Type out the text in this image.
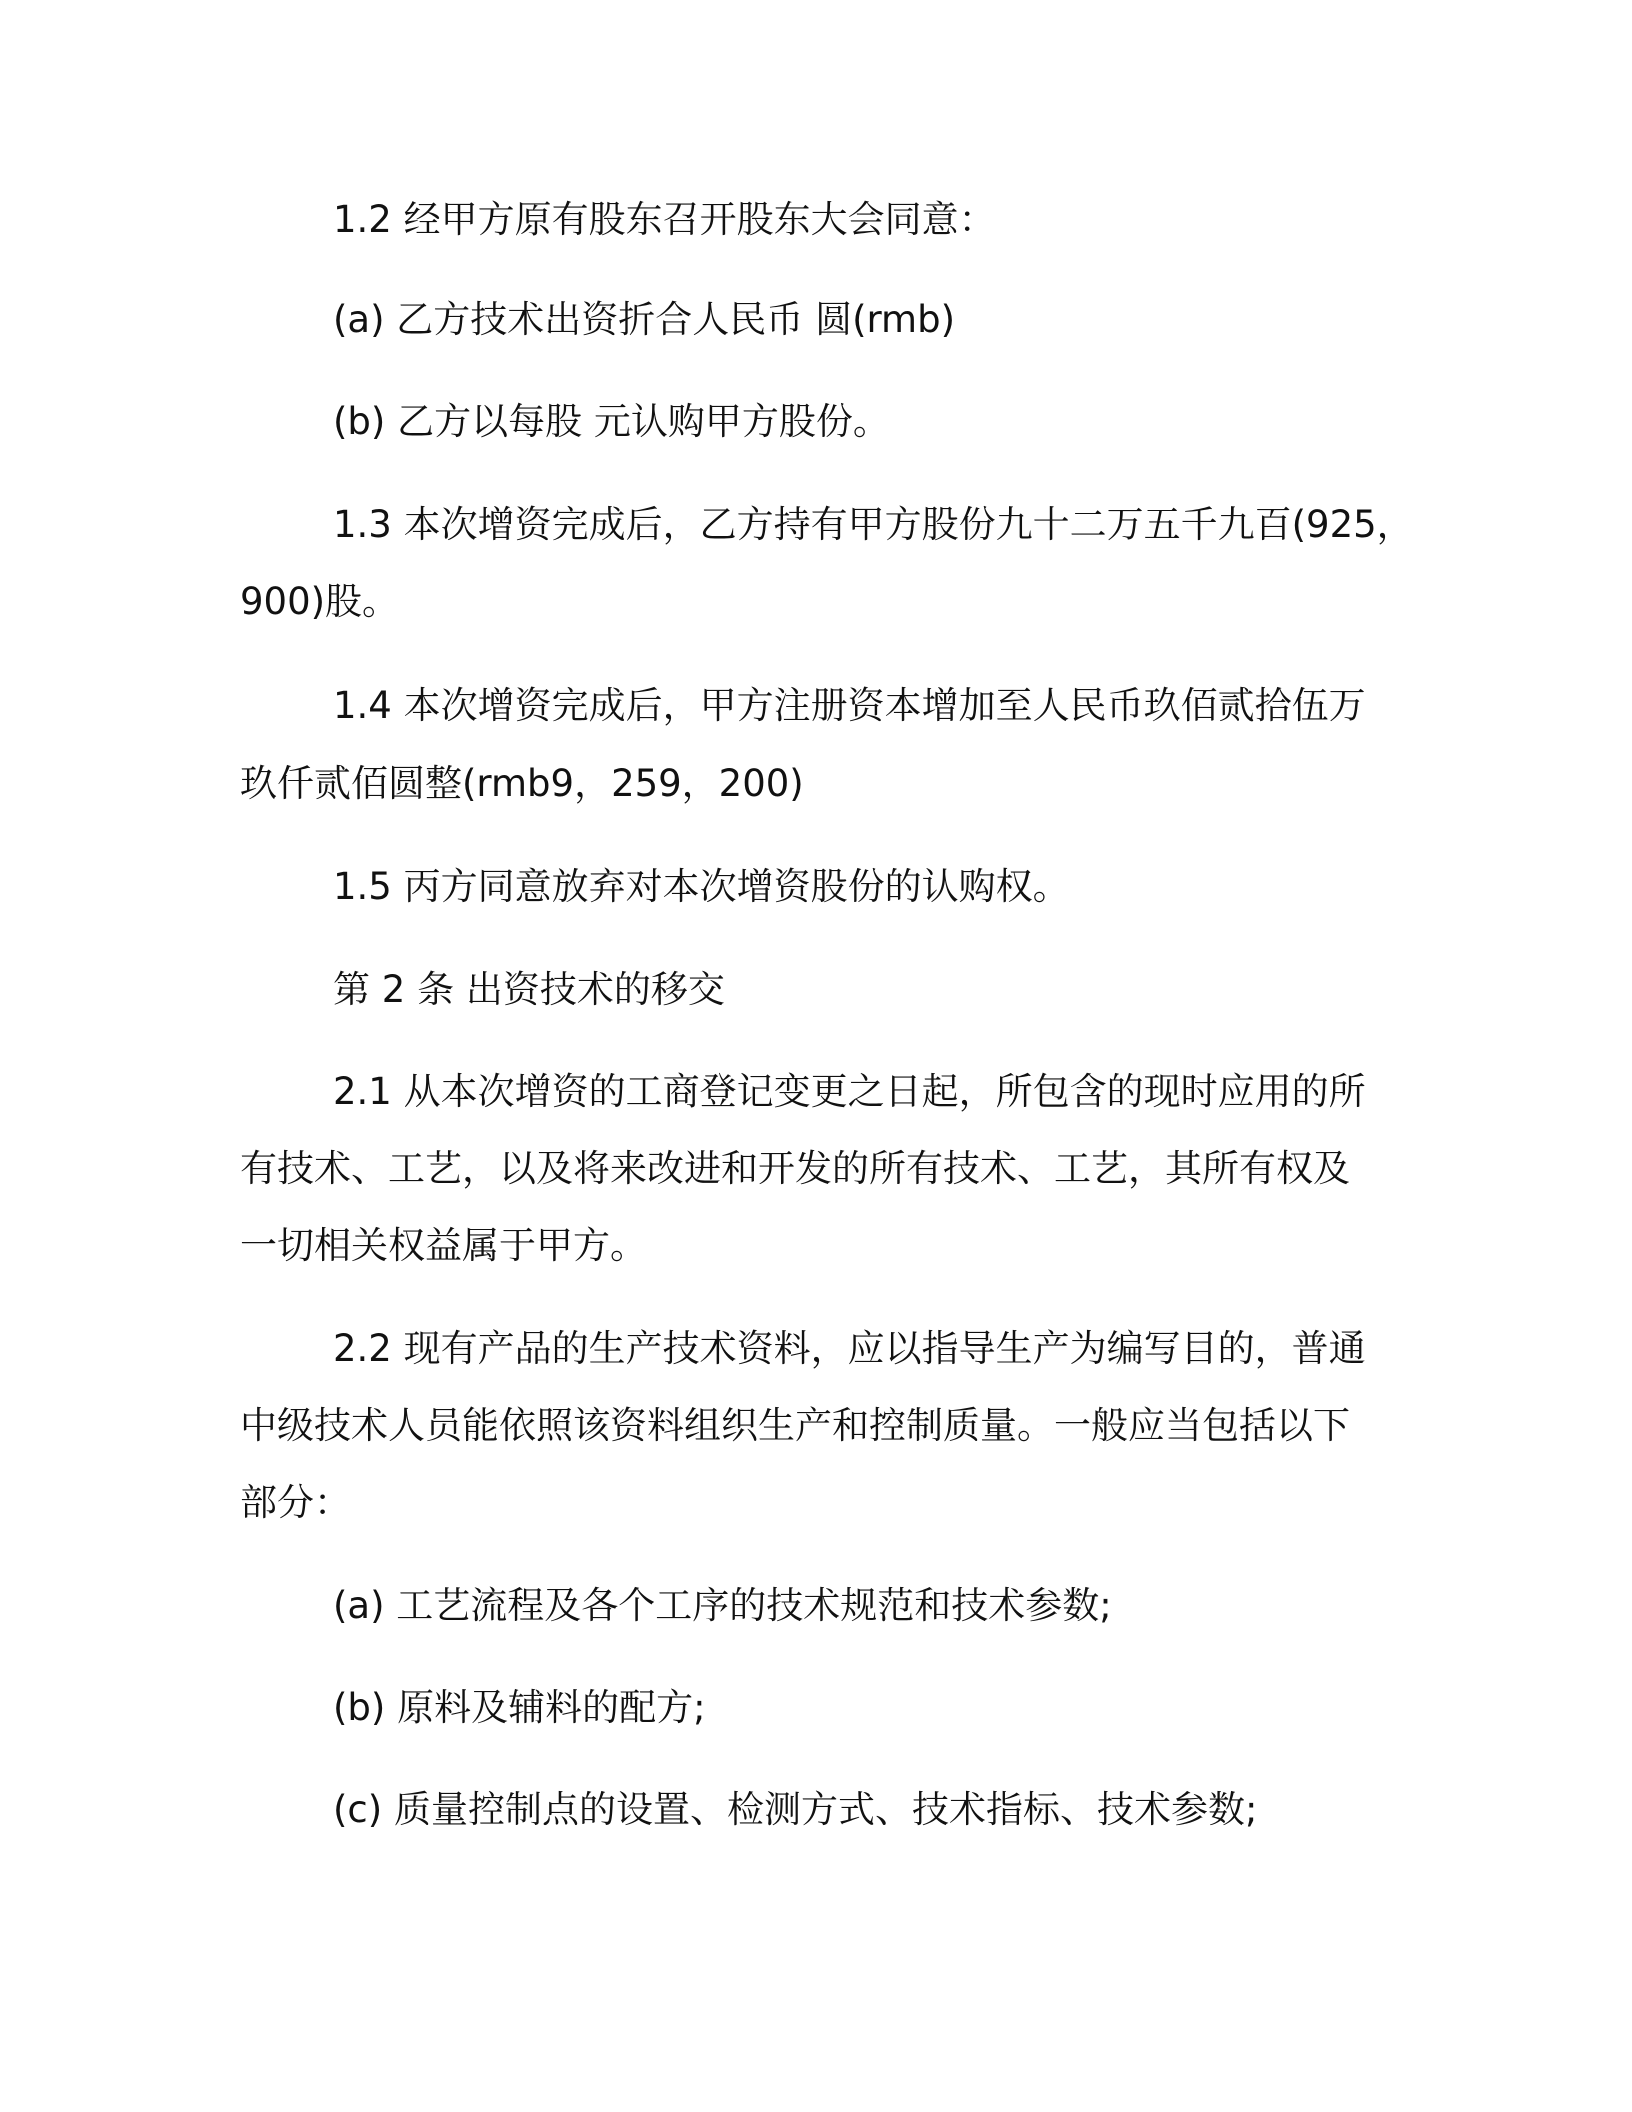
1.2 经甲方原有股东召开股东大会同意：
(a) 乙方技术出资折合人民币 圆(rmb)
(b) 乙方以每股 元认购甲方股份。
1.3 本次增资完成后，乙方持有甲方股份九十二万五千九百(925，
900)股。
1.4 本次增资完成后，甲方注册资本增加至人民币玖佰贰拾伍万
玖仟贰佰圆整(rmb9，259，200)
1.5 丙方同意放弃对本次增资股份的认购权。
第 2 条 出资技术的移交
2.1 从本次增资的工商登记变更之日起，所包含的现时应用的所
有技术、工艺，以及将来改进和开发的所有技术、工艺，其所有权及
一切相关权益属于甲方。
2.2 现有产品的生产技术资料，应以指导生产为编写目的，普通
中级技术人员能依照该资料组织生产和控制质量。一般应当包括以下
部分：
(a) 工艺流程及各个工序的技术规范和技术参数;
(b) 原料及辅料的配方;
(c) 质量控制点的设置、检测方式、技术指标、技术参数;
